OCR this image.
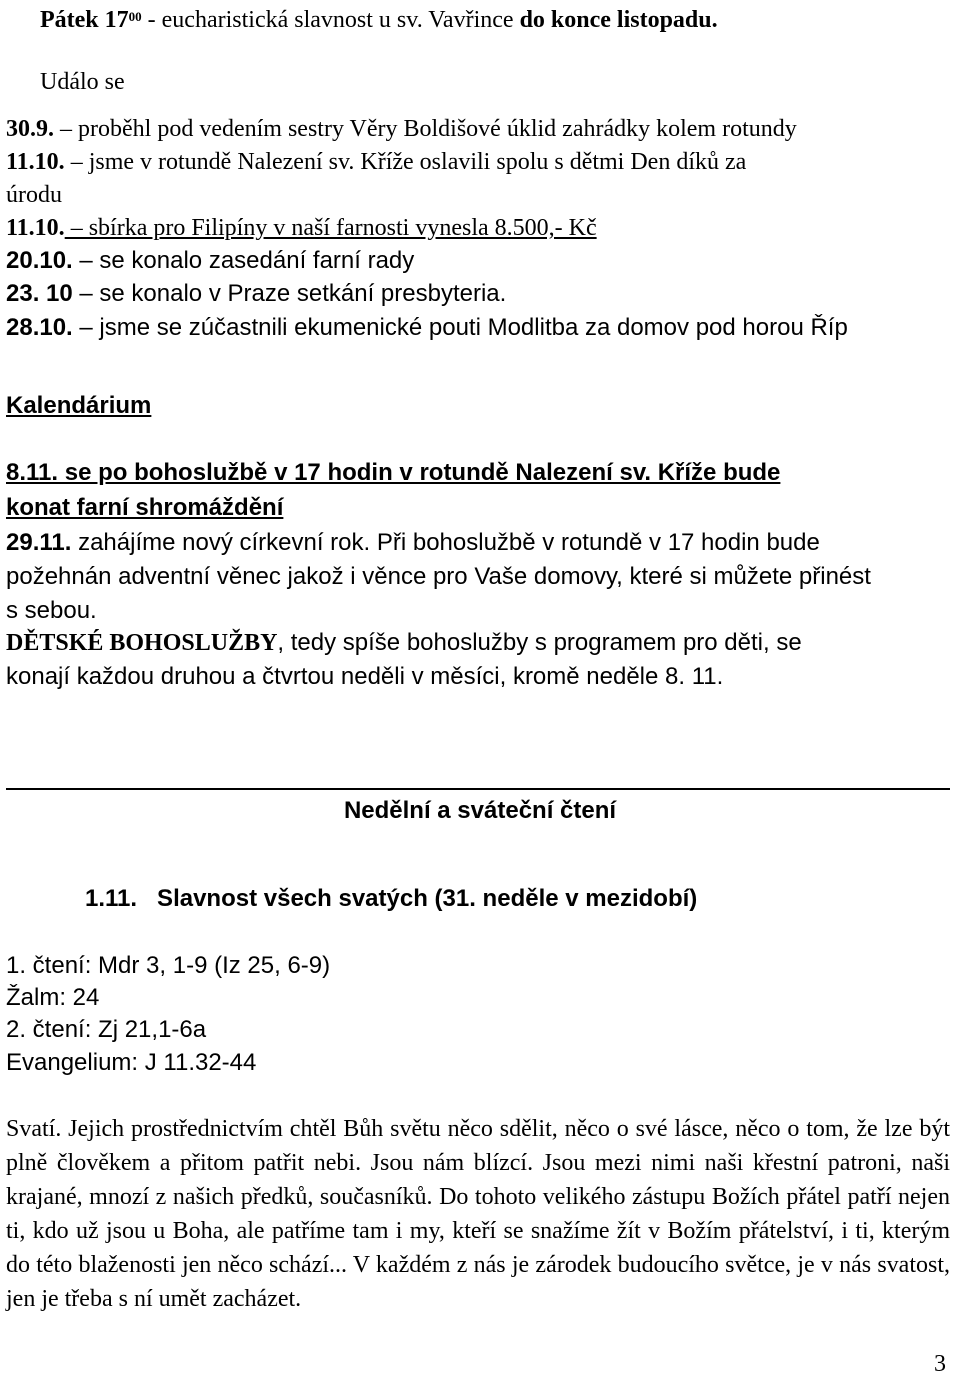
Pátek $17^{00}$ - eucharistická slavnost u sv. Vavřince do konce listopadu.
Událo se
30.9. – proběhl pod vedením sestry Věry Boldišové úklid zahrádky kolem rotundy
11.10. – jsme v rotundě Nalezení sv. Kříže oslavili spolu s dětmi Den díků za
úrodu
11.10. – sbírka pro Filipíny v naší farnosti vynesla 8.500,- Kč
20.10. – se konalo zasedání farní rady
23. 10 – se konalo v Praze setkání presbyteria.
28.10. – jsme se zúčastnili ekumenické pouti Modlitba za domov pod horou Říp
Kalendárium
8.11. se po bohoslužbě v 17 hodin v rotundě Nalezení sv. Kříže bude
konat farní shromáždění
29.11. zahájíme nový církevní rok. Při bohoslužbě v rotundě v 17 hodin bude
požehnán adventní věnec jakož i věnce pro Vaše domovy, které si můžete přinést
s sebou.
DĚTSKÉ BOHOSLUŽBY, tedy spíše bohoslužby s programem pro děti, se
konají každou druhou a čtvrtou neděli v měsíci, kromě neděle 8. 11.
Nedělní a sváteční čtení
1.11.   Slavnost všech svatých (31. neděle v mezidobí)
1. čtení: Mdr 3, 1-9 (Iz 25, 6-9)
Žalm: 24
2. čtení: Zj 21,1-6a
Evangelium: J 11.32-44
Svatí. Jejich prostřednictvím chtěl Bůh světu něco sdělit, něco o své lásce, něco o tom, že lze být plně člověkem a přitom patřit nebi. Jsou nám blízcí. Jsou mezi nimi naši křestní patroni, naši krajané, mnozí z našich předků, současníků. Do tohoto velikého zástupu Božích přátel patří nejen ti, kdo už jsou u Boha, ale patříme tam i my, kteří se snažíme žít v Božím přátelství, i ti, kterým do této blaženosti jen něco schází... V každém z nás je zárodek budoucího světce, je v nás svatost, jen je třeba s ní umět zacházet.
3
